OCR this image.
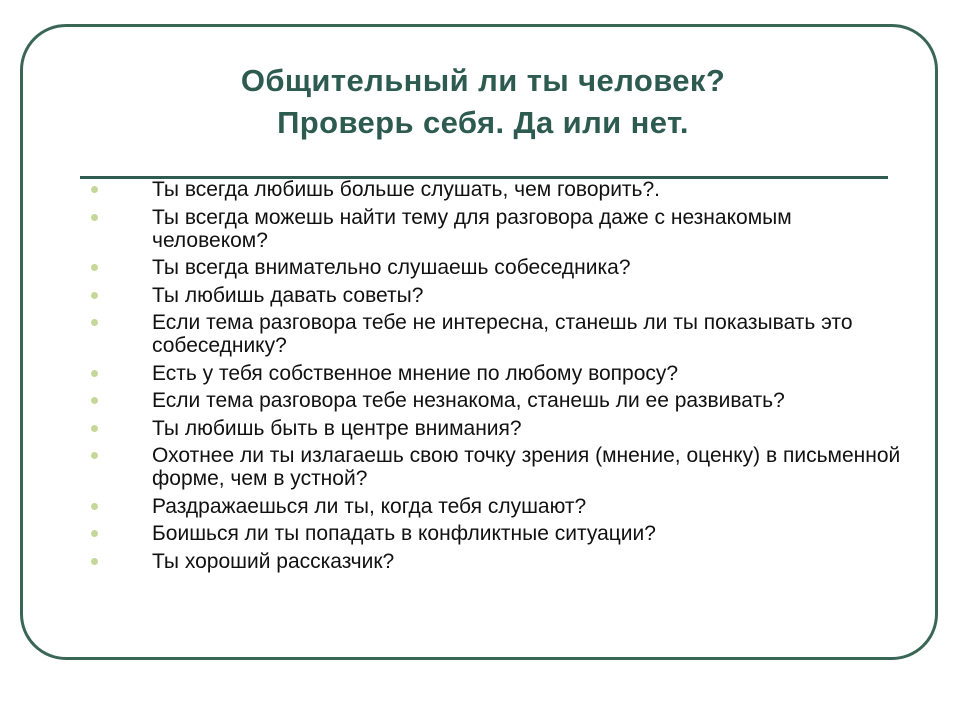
Общительный ли ты человек?
Проверь себя. Да или нет.
Ты всегда любишь больше слушать, чем говорить?.
Ты всегда можешь найти тему для разговора даже с незнакомым человеком?
Ты всегда внимательно слушаешь собеседника?
Ты любишь давать советы?
Если тема разговора тебе не интересна, станешь ли ты показывать это собеседнику?
Есть у тебя собственное мнение по любому вопросу?
Если тема разговора тебе незнакома, станешь ли ее развивать?
Ты любишь быть в центре внимания?
Охотнее ли ты излагаешь свою точку зрения (мнение, оценку) в письменной форме, чем в устной?
Раздражаешься ли ты, когда тебя слушают?
Боишься ли ты попадать в конфликтные ситуации?
Ты хороший рассказчик?
